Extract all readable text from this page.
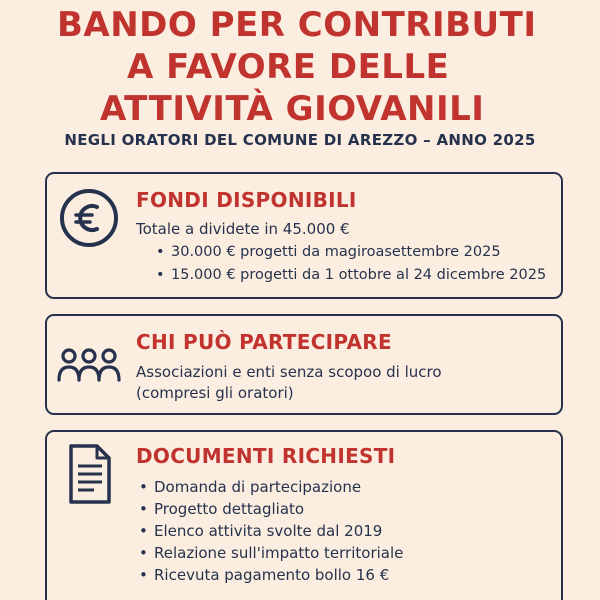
BANDO PER CONTRIBUTI
A FAVORE DELLE
ATTIVITÀ GIOVANILI
NEGLI ORATORI DEL COMUNE DI AREZZO – ANNO 2025
FONDI DISPONIBILI
Totale a dividete in 45.000 €
• 30.000 € progetti da magiroasettembre 2025
• 15.000 € progetti da 1 ottobre al 24 dicembre 2025
CHI PUÒ PARTECIPARE
Associazioni e enti senza scopoo di lucro
(compresi gli oratori)
DOCUMENTI RICHIESTI
• Domanda di partecipazione
• Progetto dettagliato
• Elenco attivita svolte dal 2019
• Relazione sull'impatto territoriale
• Ricevuta pagamento bollo 16 €
